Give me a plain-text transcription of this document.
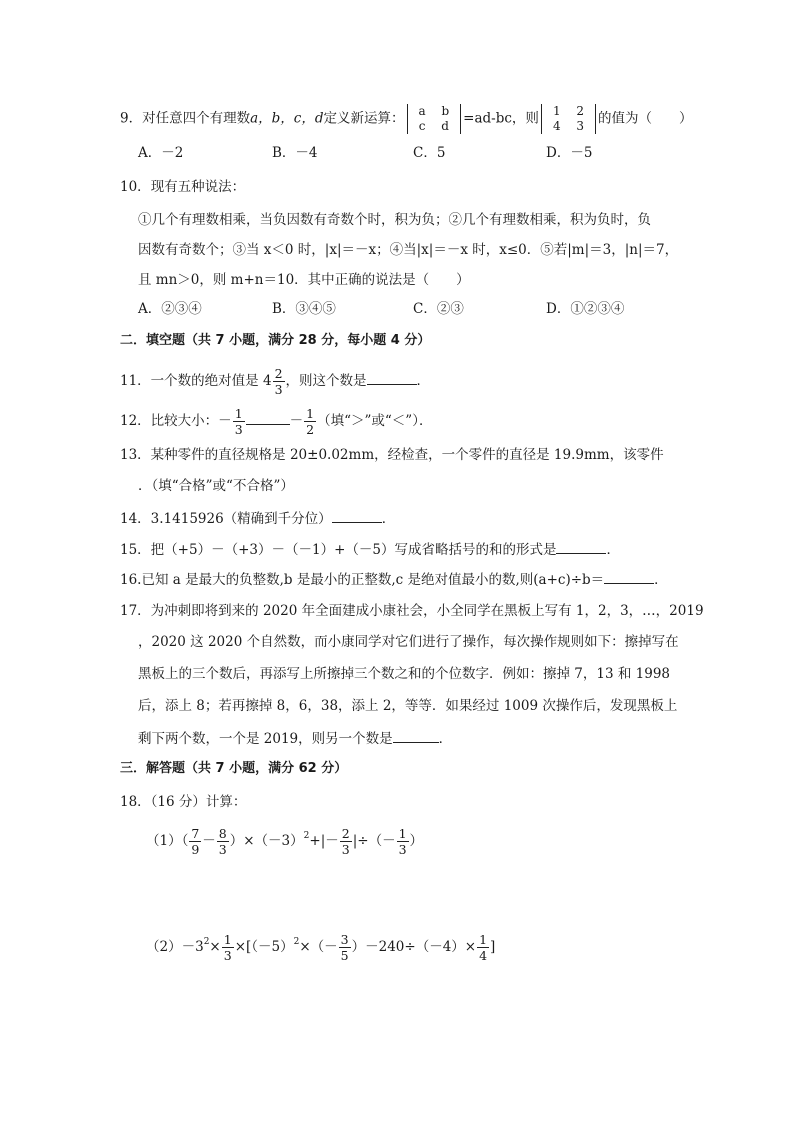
9．对任意四个有理数a，b，c，d定义新运算：	a b
c d =ad-bc，则	1 2
4 3 的值为（　　）
A．－2	B．－4	C．5	D．－5
10．现有五种说法：
①几个有理数相乘，当负因数有奇数个时，积为负；②几个有理数相乘，积为负时，负
因数有奇数个；③当 x＜0 时，|x|＝－x；④当|x|＝－x 时，x≤0．⑤若|m|＝3，|n|＝7，
且 mn＞0，则 m+n＝10．其中正确的说法是（　　）
A．②③④	B．③④⑤	C．②③	D．①②③④
二．填空题（共 7 小题，满分 28 分，每小题 4 分）
11．一个数的绝对值是 $4 \frac{2}{3}$ ，则这个数是	．
12．比较大小：－ $\frac{1}{3}$	－ $\frac{1}{2}$ （填“＞”或“＜”）．
13．某种零件的直径规格是 20±0.02mm，经检查，一个零件的直径是 19.9mm，该零件
．（填“合格”或“不合格”）
14．3.1415926（精确到千分位）	．
15．把（+5）－（+3）－（－1）+（－5）写成省略括号的和的形式是	．
16.已知 a 是最大的负整数,b 是最小的正整数,c 是绝对值最小的数,则(a+c)÷b＝	．
17．为冲刺即将到来的 2020 年全面建成小康社会，小全同学在黑板上写有 1，2，3，…，2019
，2020 这 2020 个自然数，而小康同学对它们进行了操作，每次操作规则如下：擦掉写在
黑板上的三个数后，再添写上所擦掉三个数之和的个位数字．例如：擦掉 7，13 和 1998
后，添上 8；若再擦掉 8，6，38，添上 2，等等．如果经过 1009 次操作后，发现黑板上
剩下两个数，一个是 2019，则另一个数是	．
三．解答题（共 7 小题，满分 62 分）
18．（16 分）计算：
$(1)( \frac{7}{9} - \frac{8}{3} )\times(-3)^2+|- \frac{2}{3}$ |÷（－ $\frac{1}{3}$ ）
$(2)-3^2\times \frac{1}{3} \times[(-5)^2\times(- \frac{3}{5} )-240\div(-4)\times \frac{1}{4}$ ]
